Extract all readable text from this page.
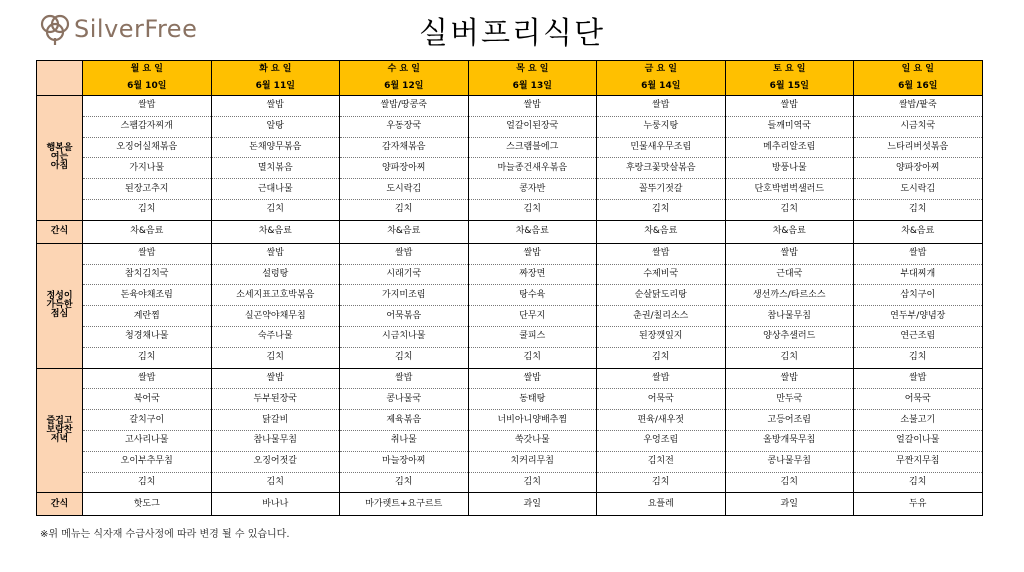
SilverFree	실버프리식단
	월 요 일	화 요 일	수 요 일	목 요 일	금 요 일	토 요 일	일 요 일
	6월 10일	6월 11일	6월 12일	6월 13일	6월 14일	6월 15일	6월 16일
행복을
여는
아침	쌀밥	쌀밥	쌀밥/땅콩죽	쌀밥	쌀밥	쌀밥	쌀밥/팥죽
	스팸감자찌개	알탕	우동장국	얼갈이된장국	누룽지탕	들깨미역국	시금치국
	오징어실채볶음	돈채양무볶음	감자채볶음	스크램블에그	민물새우무조림	메추리알조림	느타리버섯볶음
	가지나물	멸치볶음	양파장아찌	마늘종건새우볶음	후랑크꽃맛살볶음	방풍나물	양파장아찌
	된장고추지	근대나물	도시락김	콩자반	꼴뚜기젓갈	단호박범벅샐러드	도시락김
	김치	김치	김치	김치	김치	김치	김치
간식	차&음료	차&음료	차&음료	차&음료	차&음료	차&음료	차&음료
정성이
가득한
점심	쌀밥	쌀밥	쌀밥	쌀밥	쌀밥	쌀밥	쌀밥
	참치김치국	설렁탕	시래기국	짜장면	수제비국	근대국	부대찌개
	돈육야채조림	소세지표고호박볶음	가지미조림	탕수육	순살닭도리탕	생선까스/타르소스	삼치구이
	계란찜	실곤약야채무침	어묵볶음	단무지	춘권/칠리소스	참나물무침	연두부/양념장
	청경채나물	숙주나물	시금치나물	쿨피스	된장깻잎지	양상추샐러드	연근조림
	김치	김치	김치	김치	김치	김치	김치
즐겁고
보람찬
저녁	쌀밥	쌀밥	쌀밥	쌀밥	쌀밥	쌀밥	쌀밥
	북어국	두부된장국	콩나물국	동태탕	어묵국	만두국	어묵국
	갈치구이	닭갈비	제육볶음	너비아니양배추찜	편육/새우젓	고등어조림	소불고기
	고사리나물	참나물무침	취나물	쑥갓나물	우엉조림	올방개묵무침	얼갈이나물
	오이부추무침	오징어젓갈	마늘장아찌	치커리무침	김치전	콩나물무침	무짠지무침
	김치	김치	김치	김치	김치	김치	김치
간식	핫도그	바나나	마가렛트+요구르트	과일	요플레	과일	두유
※위 메뉴는 식자재 수급사정에 따라 변경 될 수 있습니다.
